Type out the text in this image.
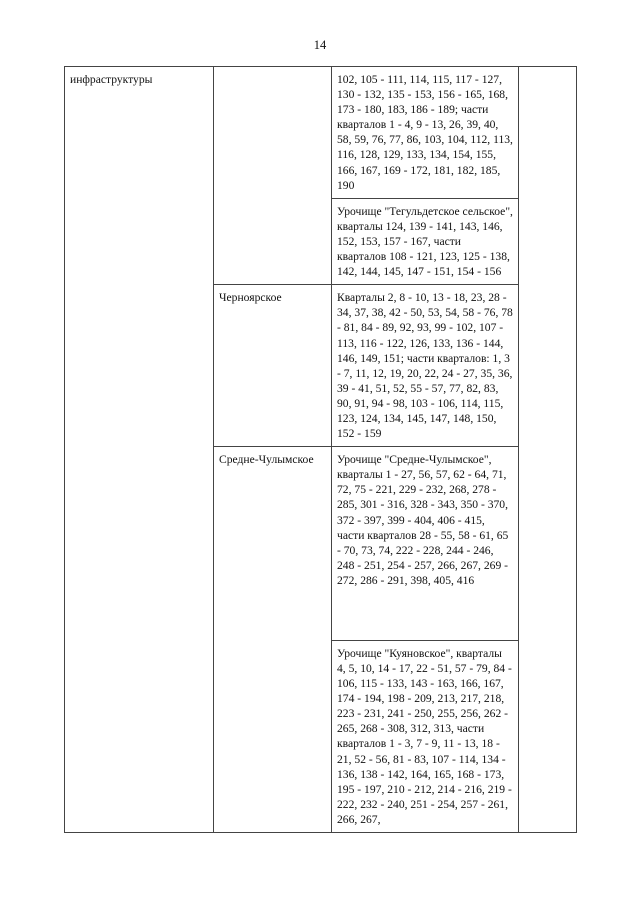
14
инфраструктуры		102, 105 - 111, 114, 115, 117 - 127, 130 - 132, 135 - 153, 156 - 165, 168, 173 - 180, 183, 186 - 189; части кварталов 1 - 4, 9 - 13, 26, 39, 40, 58, 59, 76, 77, 86, 103, 104, 112, 113, 116, 128, 129, 133, 134, 154, 155, 166, 167, 169 - 172, 181, 182, 185, 190	
		Урочище "Тегульдетское сельское", кварталы 124, 139 - 141, 143, 146, 152, 153, 157 - 167, части кварталов 108 - 121, 123, 125 - 138, 142, 144, 145, 147 - 151, 154 - 156	
	Черноярское	Кварталы 2, 8 - 10, 13 - 18, 23, 28 - 34, 37, 38, 42 - 50, 53, 54, 58 - 76, 78 - 81, 84 - 89, 92, 93, 99 - 102, 107 - 113, 116 - 122, 126, 133, 136 - 144, 146, 149, 151; части кварталов: 1, 3 - 7, 11, 12, 19, 20, 22, 24 - 27, 35, 36, 39 - 41, 51, 52, 55 - 57, 77, 82, 83, 90, 91, 94 - 98, 103 - 106, 114, 115, 123, 124, 134, 145, 147, 148, 150, 152 - 159	
	Средне-Чулымское	Урочище "Средне-Чулымское", кварталы 1 - 27, 56, 57, 62 - 64, 71, 72, 75 - 221, 229 - 232, 268, 278 - 285, 301 - 316, 328 - 343, 350 - 370, 372 - 397, 399 - 404, 406 - 415, части кварталов 28 - 55, 58 - 61, 65 - 70, 73, 74, 222 - 228, 244 - 246, 248 - 251, 254 - 257, 266, 267, 269 - 272, 286 - 291, 398, 405, 416	
		Урочище "Куяновское", кварталы 4, 5, 10, 14 - 17, 22 - 51, 57 - 79, 84 - 106, 115 - 133, 143 - 163, 166, 167, 174 - 194, 198 - 209, 213, 217, 218, 223 - 231, 241 - 250, 255, 256, 262 - 265, 268 - 308, 312, 313, части кварталов 1 - 3, 7 - 9, 11 - 13, 18 - 21, 52 - 56, 81 - 83, 107 - 114, 134 - 136, 138 - 142, 164, 165, 168 - 173, 195 - 197, 210 - 212, 214 - 216, 219 - 222, 232 - 240, 251 - 254, 257 - 261, 266, 267,	
